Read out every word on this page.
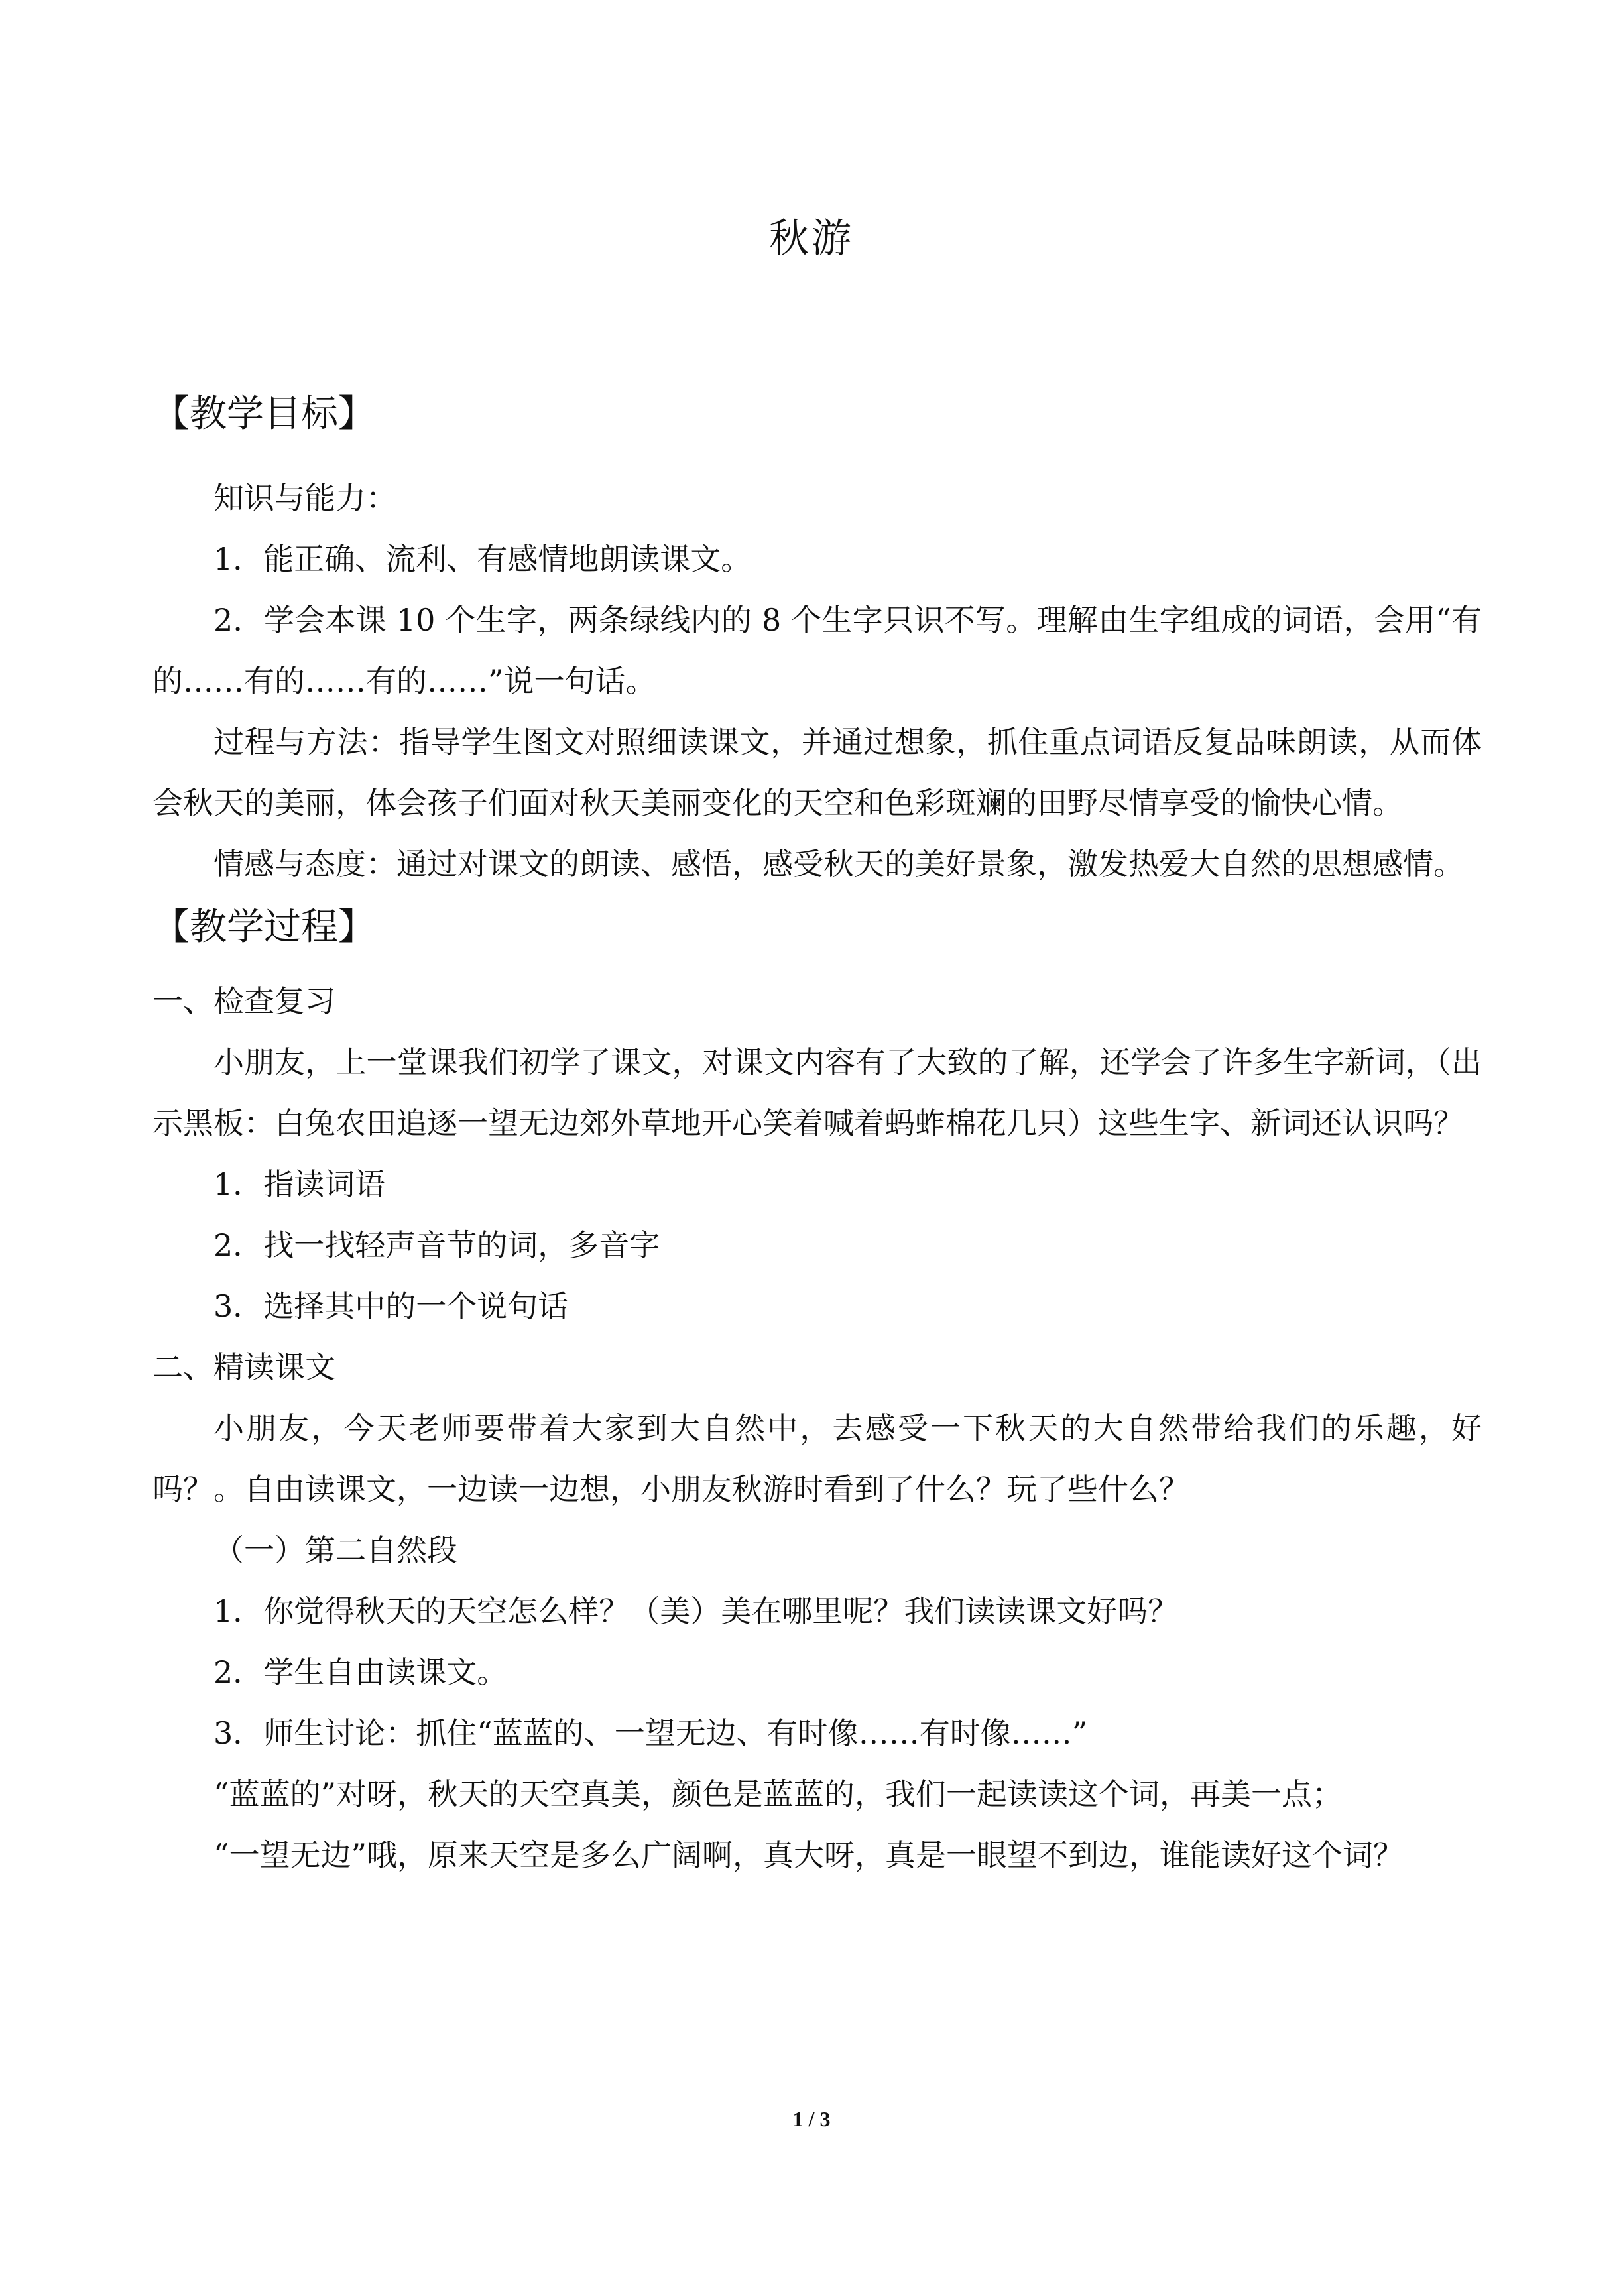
秋游
【教学目标】

知识与能力：

1．能正确、流利、有感情地朗读课文。

2．学会本课 10 个生字，两条绿线内的 8 个生字只识不写。理解由生字组成的词语，会用“有的……有的……有的……”说一句话。

过程与方法：指导学生图文对照细读课文，并通过想象，抓住重点词语反复品味朗读，从而体会秋天的美丽，体会孩子们面对秋天美丽变化的天空和色彩斑斓的田野尽情享受的愉快心情。

情感与态度：通过对课文的朗读、感悟，感受秋天的美好景象，激发热爱大自然的思想感情。

【教学过程】

一、检查复习

小朋友，上一堂课我们初学了课文，对课文内容有了大致的了解，还学会了许多生字新词，（出示黑板：白兔农田追逐一望无边郊外草地开心笑着喊着蚂蚱棉花几只）这些生字、新词还认识吗？

1．指读词语

2．找一找轻声音节的词，多音字

3．选择其中的一个说句话

二、精读课文

小朋友，今天老师要带着大家到大自然中，去感受一下秋天的大自然带给我们的乐趣，好吗？。自由读课文，一边读一边想，小朋友秋游时看到了什么？玩了些什么？

（一）第二自然段

1．你觉得秋天的天空怎么样？（美）美在哪里呢？我们读读课文好吗？

2．学生自由读课文。

3．师生讨论：抓住“蓝蓝的、一望无边、有时像……有时像……”

“蓝蓝的”对呀，秋天的天空真美，颜色是蓝蓝的，我们一起读读这个词，再美一点；

“一望无边”哦，原来天空是多么广阔啊，真大呀，真是一眼望不到边，谁能读好这个词？

1 / 3
